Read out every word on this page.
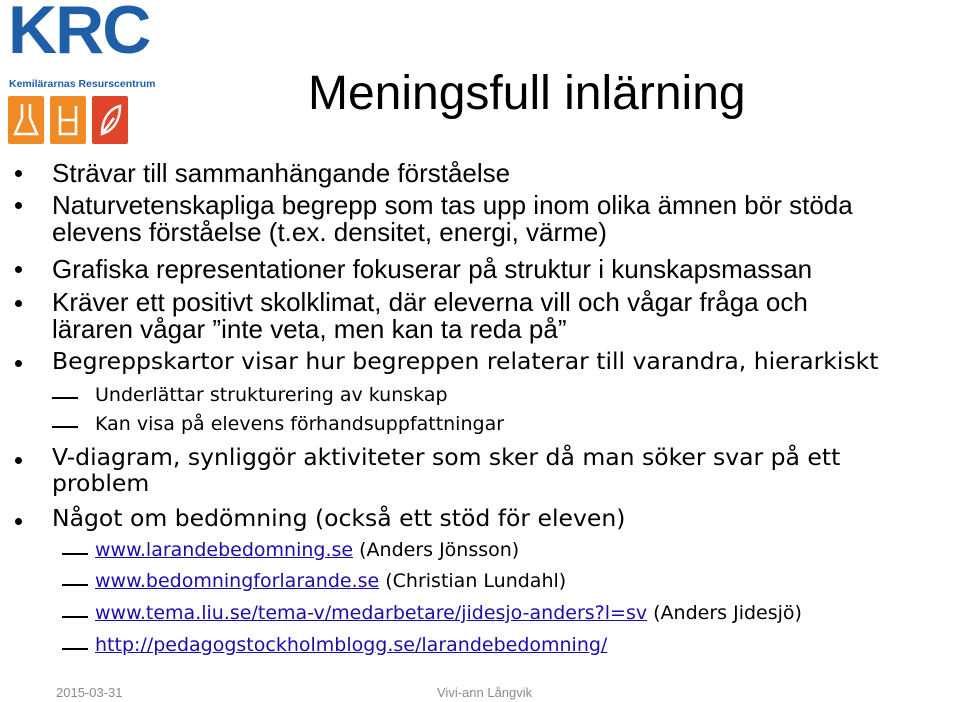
KRC
Kemilärarnas Resurscentrum	Meningsfull inlärning
Strävar till sammanhängande förståelse
Naturvetenskapliga begrepp som tas upp inom olika ämnen bör stöda
elevens förståelse (t.ex. densitet, energi, värme)
Grafiska representationer fokuserar på struktur i kunskapsmassan
Kräver ett positivt skolklimat, där eleverna vill och vågar fråga och
läraren vågar ”inte veta, men kan ta reda på”
Begreppskartor visar hur begreppen relaterar till varandra, hierarkiskt
Underlättar strukturering av kunskap
Kan visa på elevens förhandsuppfattningar
V-diagram, synliggör aktiviteter som sker då man söker svar på ett
problem
Något om bedömning (också ett stöd för eleven)
www.larandebedomning.se (Anders Jönsson)
www.bedomningforlarande.se (Christian Lundahl)
www.tema.liu.se/tema-v/medarbetare/jidesjo-anders?l=sv (Anders Jidesjö)
http://pedagogstockholmblogg.se/larandebedomning/
2015-03-31	Vivi-ann Långvik
